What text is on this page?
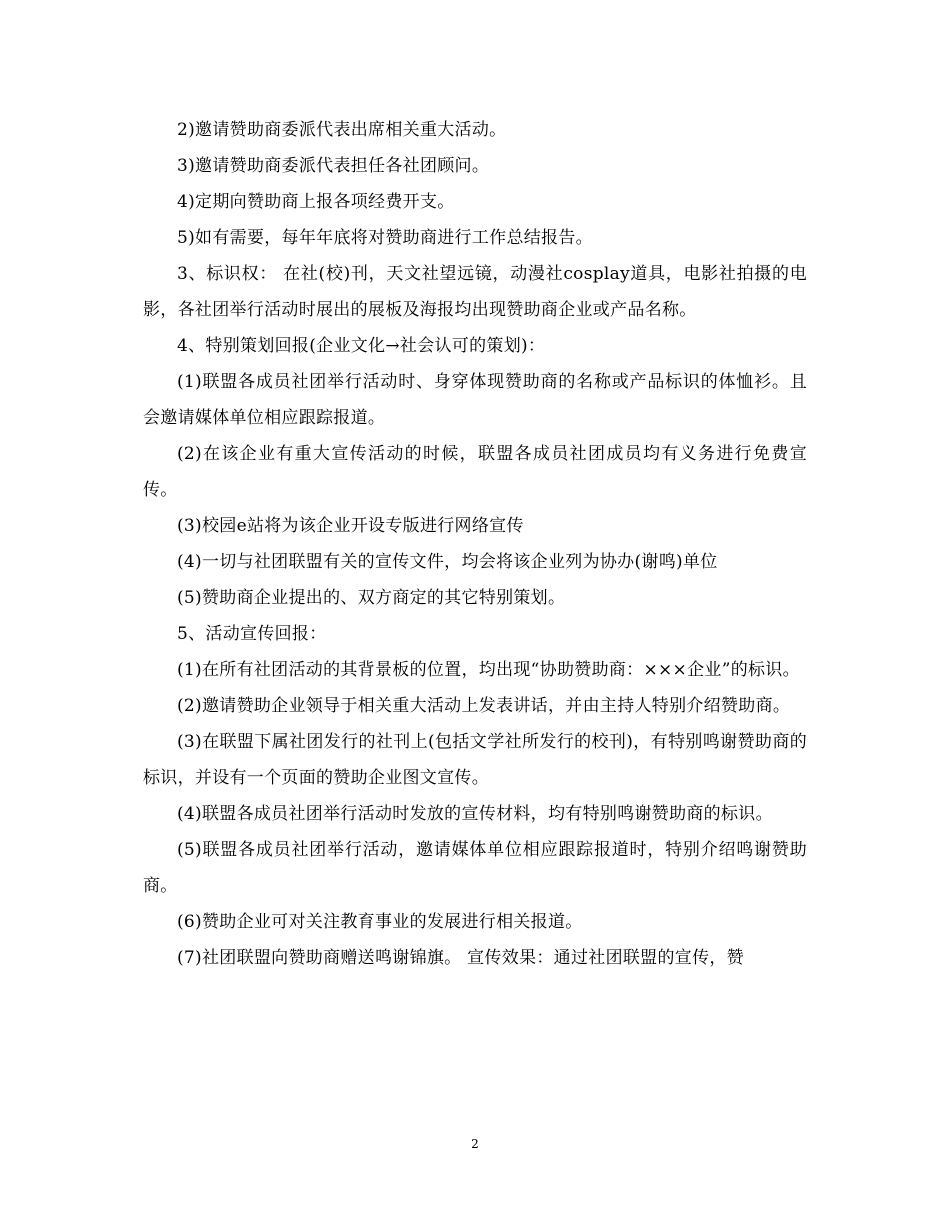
2)邀请赞助商委派代表出席相关重大活动。

3)邀请赞助商委派代表担任各社团顾问。

4)定期向赞助商上报各项经费开支。

5)如有需要，每年年底将对赞助商进行工作总结报告。

3、标识权： 在社(校)刊，天文社望远镜，动漫社cosplay道具，电影社拍摄的电影，各社团举行活动时展出的展板及海报均出现赞助商企业或产品名称。

4、特别策划回报(企业文化→社会认可的策划)：

(1)联盟各成员社团举行活动时、身穿体现赞助商的名称或产品标识的体恤衫。且会邀请媒体单位相应跟踪报道。

(2)在该企业有重大宣传活动的时候，联盟各成员社团成员均有义务进行免费宣传。

(3)校园e站将为该企业开设专版进行网络宣传

(4)一切与社团联盟有关的宣传文件，均会将该企业列为协办(谢鸣)单位

(5)赞助商企业提出的、双方商定的其它特别策划。

5、活动宣传回报：

(1)在所有社团活动的其背景板的位置，均出现“协助赞助商：×××企业”的标识。

(2)邀请赞助企业领导于相关重大活动上发表讲话，并由主持人特别介绍赞助商。

(3)在联盟下属社团发行的社刊上(包括文学社所发行的校刊)，有特别鸣谢赞助商的标识，并设有一个页面的赞助企业图文宣传。

(4)联盟各成员社团举行活动时发放的宣传材料，均有特别鸣谢赞助商的标识。

(5)联盟各成员社团举行活动，邀请媒体单位相应跟踪报道时，特别介绍鸣谢赞助商。

(6)赞助企业可对关注教育事业的发展进行相关报道。

(7)社团联盟向赞助商赠送鸣谢锦旗。 宣传效果：通过社团联盟的宣传，赞

2
